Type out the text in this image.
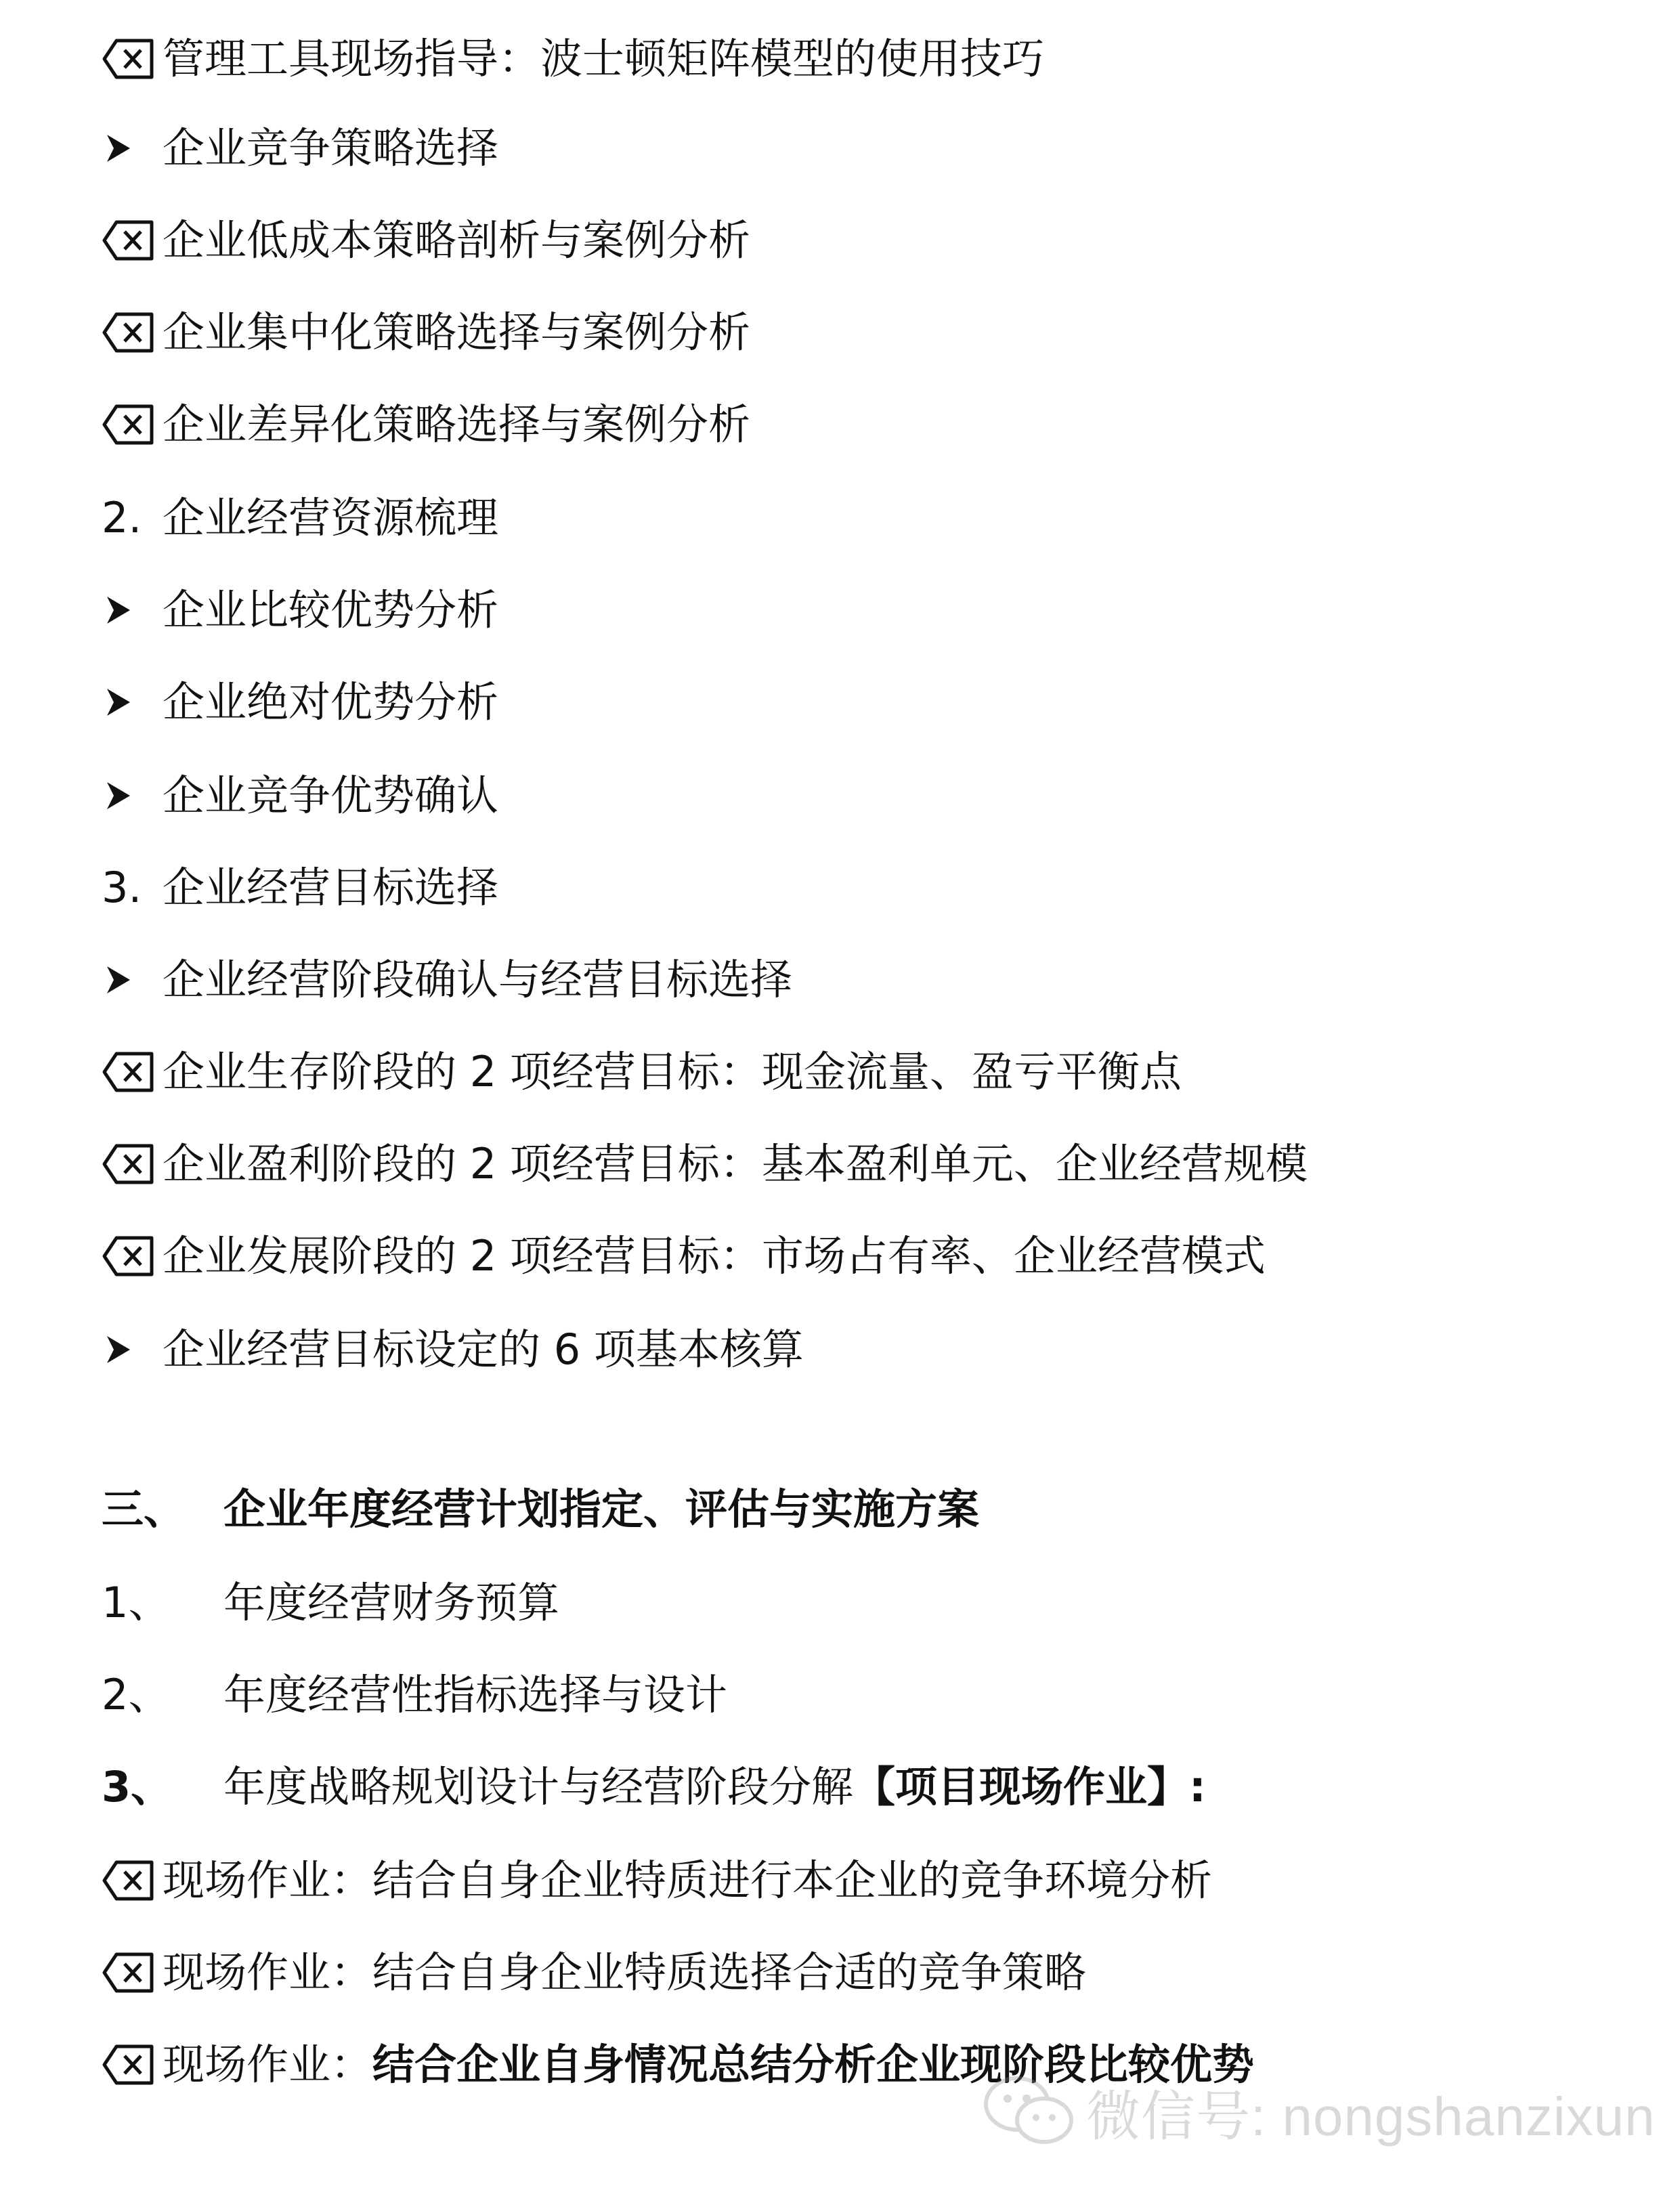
管理工具现场指导：波士顿矩阵模型的使用技巧
企业竞争策略选择
企业低成本策略剖析与案例分析
企业集中化策略选择与案例分析
企业差异化策略选择与案例分析
2. 企业经营资源梳理
企业比较优势分析
企业绝对优势分析
企业竞争优势确认
3. 企业经营目标选择
企业经营阶段确认与经营目标选择
企业生存阶段的 2 项经营目标：现金流量、盈亏平衡点
企业盈利阶段的 2 项经营目标：基本盈利单元、企业经营规模
企业发展阶段的 2 项经营目标：市场占有率、企业经营模式
企业经营目标设定的 6 项基本核算
三、 企业年度经营计划指定、评估与实施方案
1、	年度经营财务预算
2、	年度经营性指标选择与设计
3、	年度战略规划设计与经营阶段分解 【项目现场作业】:
现场作业： 结合自身企业特质进行本企业的竞争环境分析
现场作业： 结合自身企业特质选择合适的竞争策略
现场作业： 结合企业自身情况总结分析企业现阶段比较优势
微信号: nongshanzixun
